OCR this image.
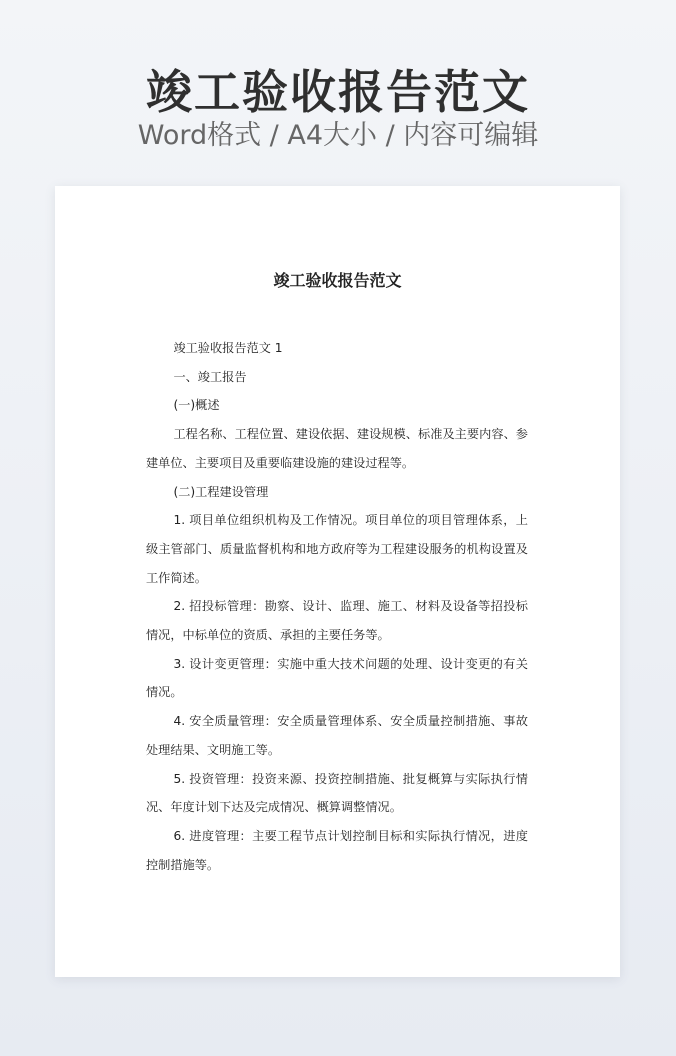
竣工验收报告范文
Word格式 / A4大小 / 内容可编辑
竣工验收报告范文

竣工验收报告范文 1

一、竣工报告

(一)概述

工程名称、工程位置、建设依据、建设规模、标准及主要内容、参建单位、主要项目及重要临建设施的建设过程等。

(二)工程建设管理

1. 项目单位组织机构及工作情况。项目单位的项目管理体系，上级主管部门、质量监督机构和地方政府等为工程建设服务的机构设置及工作简述。

2. 招投标管理：勘察、设计、监理、施工、材料及设备等招投标情况，中标单位的资质、承担的主要任务等。

3. 设计变更管理：实施中重大技术问题的处理、设计变更的有关情况。

4. 安全质量管理：安全质量管理体系、安全质量控制措施、事故处理结果、文明施工等。

5. 投资管理：投资来源、投资控制措施、批复概算与实际执行情况、年度计划下达及完成情况、概算调整情况。

6. 进度管理：主要工程节点计划控制目标和实际执行情况，进度控制措施等。
